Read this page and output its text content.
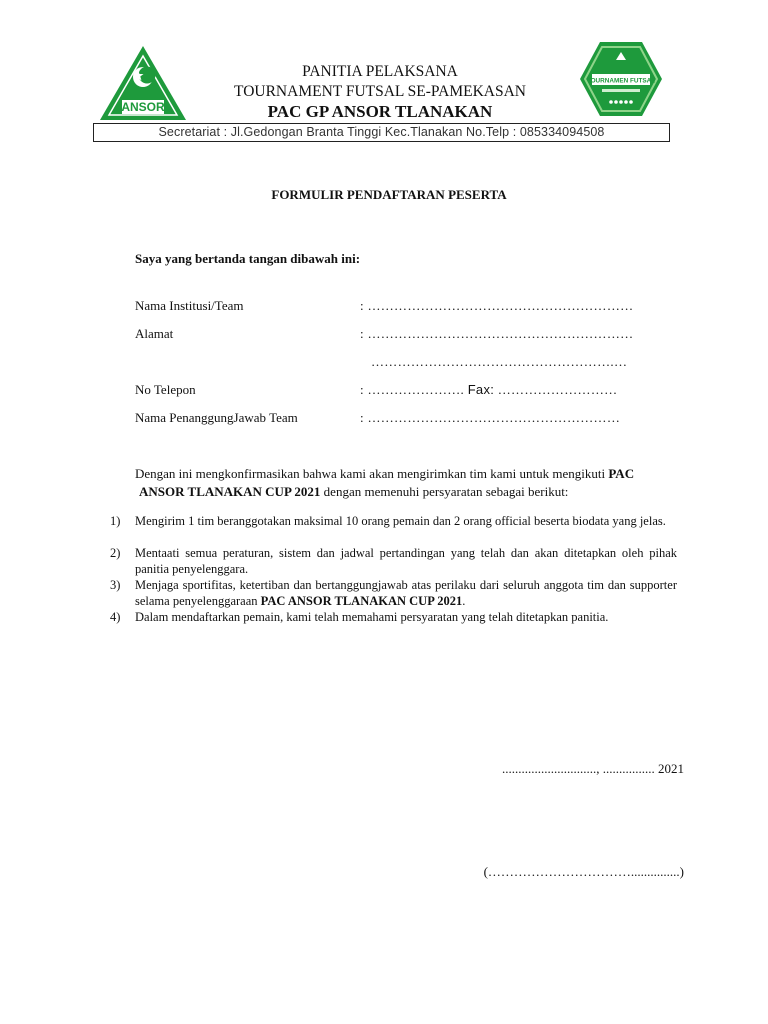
ANSOR
TOURNAMEN FUTSAL
PANITIA PELAKSANA
TOURNAMENT FUTSAL SE-PAMEKASAN
PAC GP ANSOR TLANAKAN
Secretariat : Jl.Gedongan Branta Tinggi Kec.Tlanakan No.Telp : 085334094508
FORMULIR PENDAFTARAN PESERTA
Saya yang bertanda tangan dibawah ini:
Nama Institusi/Team	: ……………………………………………………
Alamat	: ……………………………………………………
……………………………………………….…
No Telepon	: …………………. Fax: ………………………
Nama PenanggungJawab Team	: …………………………………………………
Dengan ini mengkonfirmasikan bahwa kami akan mengirimkan tim kami untuk mengikuti PAC
ANSOR TLANAKAN CUP 2021 dengan memenuhi persyaratan sebagai berikut:
1)	Mengirim 1 tim beranggotakan maksimal 10 orang pemain dan 2 orang official beserta biodata yang jelas.
2)	Mentaati semua peraturan, sistem dan jadwal pertandingan yang telah dan akan ditetapkan oleh pihak panitia penyelenggara.
3)	Menjaga sportifitas, ketertiban dan bertanggungjawab atas perilaku dari seluruh anggota tim dan supporter selama penyelenggaraan PAC ANSOR TLANAKAN CUP 2021.
4)	Dalam mendaftarkan pemain, kami telah memahami persyaratan yang telah ditetapkan panitia.
............................., ................ 2021
(……………………………...............)
